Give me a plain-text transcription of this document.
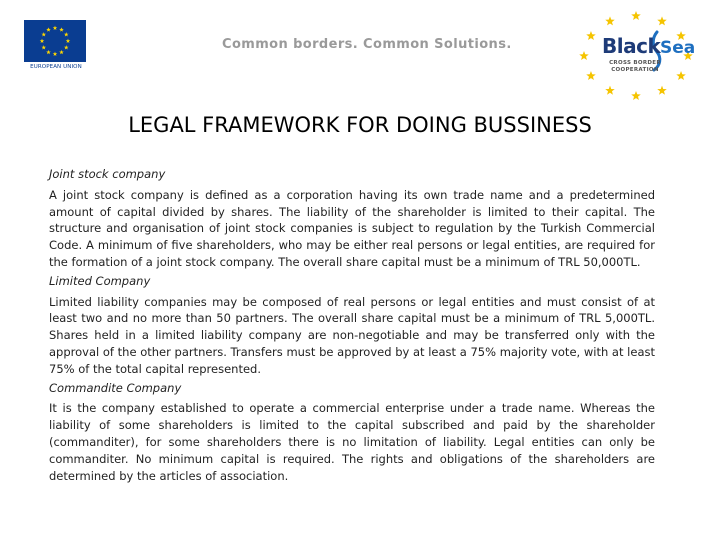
EUROPEAN UNION
Common borders. Common Solutions.	Black Sea
CROSS BORDER
COOPERATION
LEGAL FRAMEWORK FOR DOING BUSSINESS

Joint stock company

A joint stock company is defined as a corporation having its own trade name and a predetermined amount of capital divided by shares. The liability of the shareholder is limited to their capital. The structure and organisation of joint stock companies is subject to regulation by the Turkish Commercial Code. A minimum of five shareholders, who may be either real persons or legal entities, are required for the formation of a joint stock company. The overall share capital must be a minimum of TRL 50,000TL.

Limited Company

Limited liability companies may be composed of real persons or legal entities and must consist of at least two and no more than 50 partners. The overall share capital must be a minimum of TRL 5,000TL. Shares held in a limited liability company are non-negotiable and may be transferred only with the approval of the other partners. Transfers must be approved by at least a 75% majority vote, with at least 75% of the total capital represented.

Commandite Company

It is the company established to operate a commercial enterprise under a trade name. Whereas the liability of some shareholders is limited to the capital subscribed and paid by the shareholder (commanditer), for some shareholders there is no limitation of liability. Legal entities can only be commanditer. No minimum capital is required. The rights and obligations of the shareholders are determined by the articles of association.
